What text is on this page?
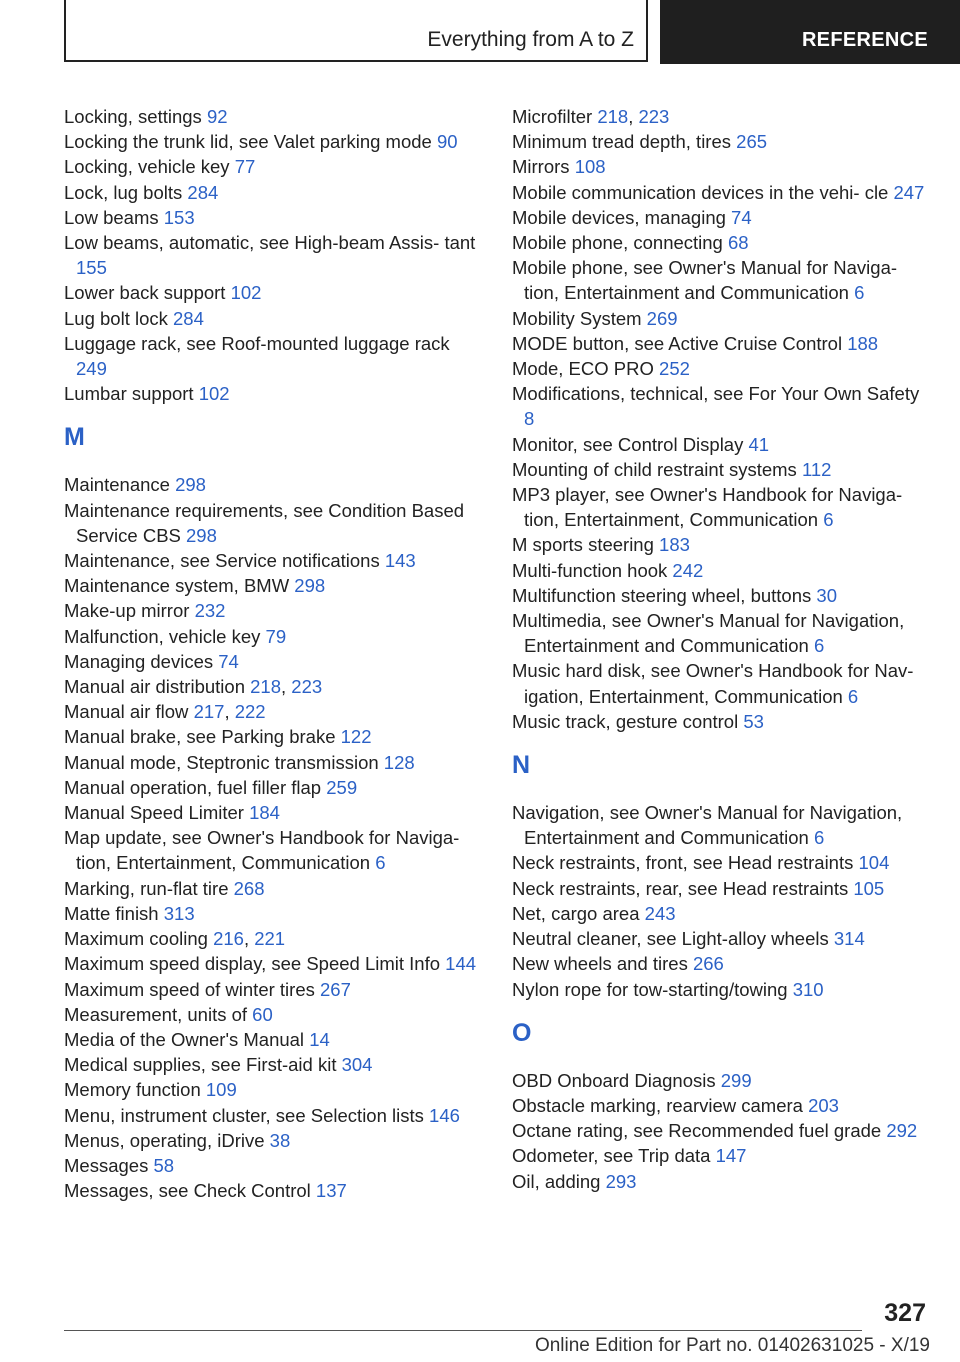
Everything from A to Z	REFERENCE
Locking, settings 92
Locking the trunk lid, see Valet parking mode 90
Locking, vehicle key 77
Lock, lug bolts 284
Low beams 153
Low beams, automatic, see High-beam Assis‐ tant 155
Lower back support 102
Lug bolt lock 284
Luggage rack, see Roof-mounted luggage rack 249
Lumbar support 102
M
Maintenance 298
Maintenance requirements, see Condition Based Service CBS 298
Maintenance, see Service notifications 143
Maintenance system, BMW 298
Make-up mirror 232
Malfunction, vehicle key 79
Managing devices 74
Manual air distribution 218, 223
Manual air flow 217, 222
Manual brake, see Parking brake 122
Manual mode, Steptronic transmission 128
Manual operation, fuel filler flap 259
Manual Speed Limiter 184
Map update, see Owner's Handbook for Naviga‐ tion, Entertainment, Communication 6
Marking, run-flat tire 268
Matte finish 313
Maximum cooling 216, 221
Maximum speed display, see Speed Limit Info 144
Maximum speed of winter tires 267
Measurement, units of 60
Media of the Owner's Manual 14
Medical supplies, see First-aid kit 304
Memory function 109
Menu, instrument cluster, see Selection lists 146
Menus, operating, iDrive 38
Messages 58
Messages, see Check Control 137
Microfilter 218, 223
Minimum tread depth, tires 265
Mirrors 108
Mobile communication devices in the vehi‐ cle 247
Mobile devices, managing 74
Mobile phone, connecting 68
Mobile phone, see Owner's Manual for Naviga‐ tion, Entertainment and Communication 6
Mobility System 269
MODE button, see Active Cruise Control 188
Mode, ECO PRO 252
Modifications, technical, see For Your Own Safety 8
Monitor, see Control Display 41
Mounting of child restraint systems 112
MP3 player, see Owner's Handbook for Naviga‐ tion, Entertainment, Communication 6
M sports steering 183
Multi-function hook 242
Multifunction steering wheel, buttons 30
Multimedia, see Owner's Manual for Navigation, Entertainment and Communication 6
Music hard disk, see Owner's Handbook for Nav‐ igation, Entertainment, Communication 6
Music track, gesture control 53
N
Navigation, see Owner's Manual for Navigation, Entertainment and Communication 6
Neck restraints, front, see Head restraints 104
Neck restraints, rear, see Head restraints 105
Net, cargo area 243
Neutral cleaner, see Light-alloy wheels 314
New wheels and tires 266
Nylon rope for tow-starting/towing 310
O
OBD Onboard Diagnosis 299
Obstacle marking, rearview camera 203
Octane rating, see Recommended fuel grade 292
Odometer, see Trip data 147
Oil, adding 293
327
Online Edition for Part no. 01402631025 - X/19
